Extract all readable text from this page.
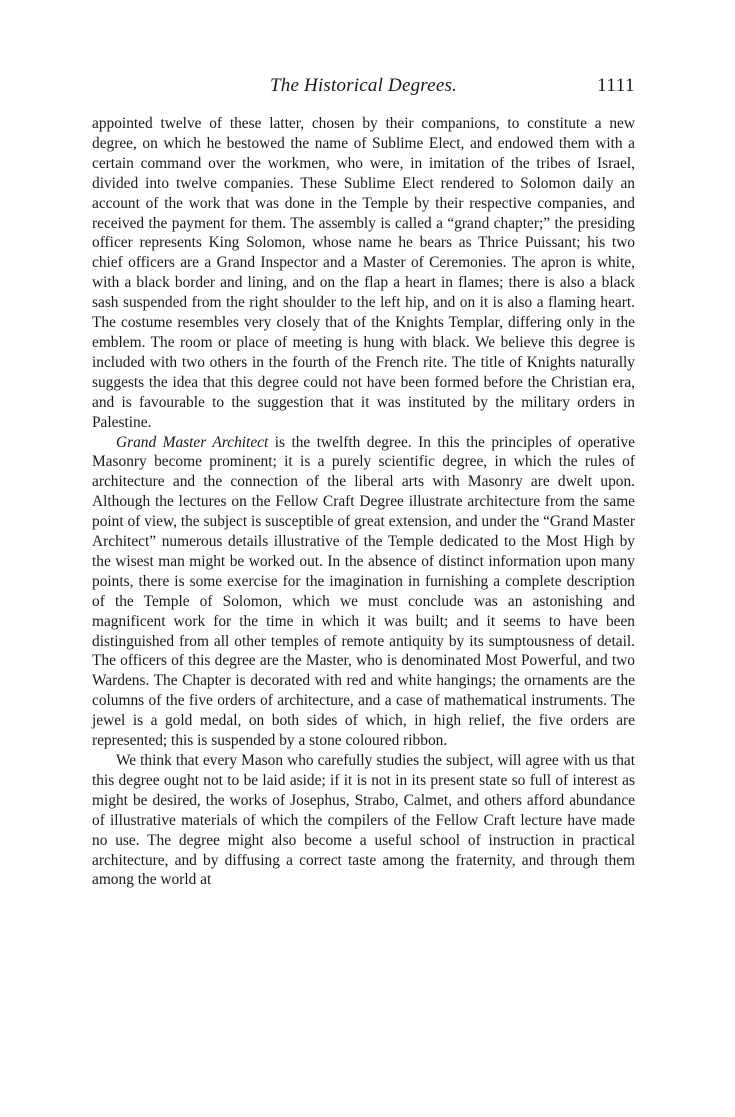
The Historical Degrees.	1111

appointed twelve of these latter, chosen by their companions, to constitute a new degree, on which he bestowed the name of Sublime Elect, and endowed them with a certain command over the workmen, who were, in imitation of the tribes of Israel, divided into twelve companies. These Sublime Elect rendered to Solomon daily an account of the work that was done in the Temple by their respective companies, and received the payment for them. The assembly is called a “grand chapter;” the presiding officer represents King Solomon, whose name he bears as Thrice Puissant; his two chief officers are a Grand Inspector and a Master of Ceremonies. The apron is white, with a black border and lining, and on the flap a heart in flames; there is also a black sash suspended from the right shoulder to the left hip, and on it is also a flaming heart. The costume resembles very closely that of the Knights Templar, differing only in the emblem. The room or place of meeting is hung with black. We believe this degree is included with two others in the fourth of the French rite. The title of Knights naturally suggests the idea that this degree could not have been formed before the Christian era, and is favourable to the suggestion that it was instituted by the military orders in Palestine.

Grand Master Architect is the twelfth degree. In this the principles of operative Masonry become prominent; it is a purely scientific degree, in which the rules of architecture and the connection of the liberal arts with Masonry are dwelt upon. Although the lectures on the Fellow Craft Degree illustrate architecture from the same point of view, the subject is susceptible of great extension, and under the “Grand Master Architect” numerous details illustrative of the Temple dedicated to the Most High by the wisest man might be worked out. In the absence of distinct information upon many points, there is some exercise for the imagination in furnishing a complete description of the Temple of Solomon, which we must conclude was an astonishing and magnificent work for the time in which it was built; and it seems to have been distinguished from all other temples of remote antiquity by its sumptousness of detail. The officers of this degree are the Master, who is denominated Most Powerful, and two Wardens. The Chapter is decorated with red and white hangings; the ornaments are the columns of the five orders of architecture, and a case of mathematical instruments. The jewel is a gold medal, on both sides of which, in high relief, the five orders are represented; this is suspended by a stone coloured ribbon.

We think that every Mason who carefully studies the subject, will agree with us that this degree ought not to be laid aside; if it is not in its present state so full of interest as might be desired, the works of Josephus, Strabo, Calmet, and others afford abundance of illustrative materials of which the compilers of the Fellow Craft lecture have made no use. The degree might also become a useful school of instruction in practical architecture, and by diffusing a correct taste among the fraternity, and through them among the world at
